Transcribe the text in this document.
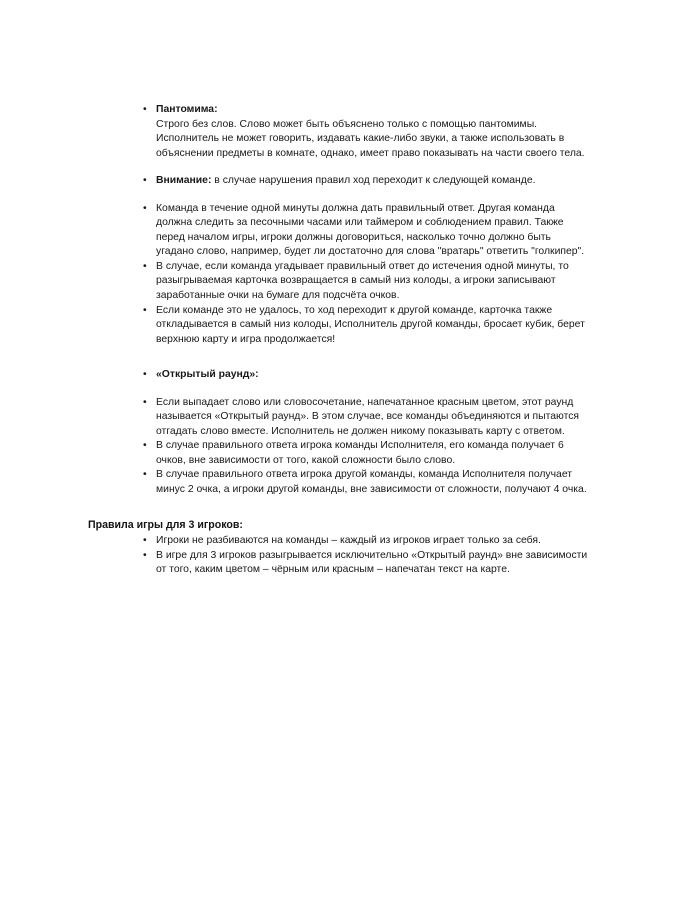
• Пантомима:
Строго без слов. Слово может быть объяснено только с помощью пантомимы. Исполнитель не может говорить, издавать какие-либо звуки, а также использовать в объяснении предметы в комнате, однако, имеет право показывать на части своего тела.
• Внимание: в случае нарушения правил ход переходит к следующей команде.
• Команда в течение одной минуты должна дать правильный ответ. Другая команда должна следить за песочными часами или таймером и соблюдением правил. Также перед началом игры, игроки должны договориться, насколько точно должно быть угадано слово, например, будет ли достаточно для слова "вратарь" ответить "голкипер".
• В случае, если команда угадывает правильный ответ до истечения одной минуты, то разыгрываемая карточка возвращается в самый низ колоды, а игроки записывают заработанные очки на бумаге для подсчёта очков.
• Если команде это не удалось, то ход переходит к другой команде, карточка также откладывается в самый низ колоды, Исполнитель другой команды, бросает кубик, берет верхнюю карту и игра продолжается!
• «Открытый раунд»:
• Если выпадает слово или словосочетание, напечатанное красным цветом, этот раунд называется «Открытый раунд». В этом случае, все команды объединяются и пытаются отгадать слово вместе. Исполнитель не должен никому показывать карту с ответом.
• В случае правильного ответа игрока команды Исполнителя, его команда получает 6 очков, вне зависимости от того, какой сложности было слово.
• В случае правильного ответа игрока другой команды, команда Исполнителя получает минус 2 очка, а игроки другой команды, вне зависимости от сложности, получают 4 очка.

Правила игры для 3 игроков:

• Игроки не разбиваются на команды – каждый из игроков играет только за себя.
• В игре для 3 игроков разыгрывается исключительно «Открытый раунд» вне зависимости от того, каким цветом – чёрным или красным – напечатан текст на карте.
